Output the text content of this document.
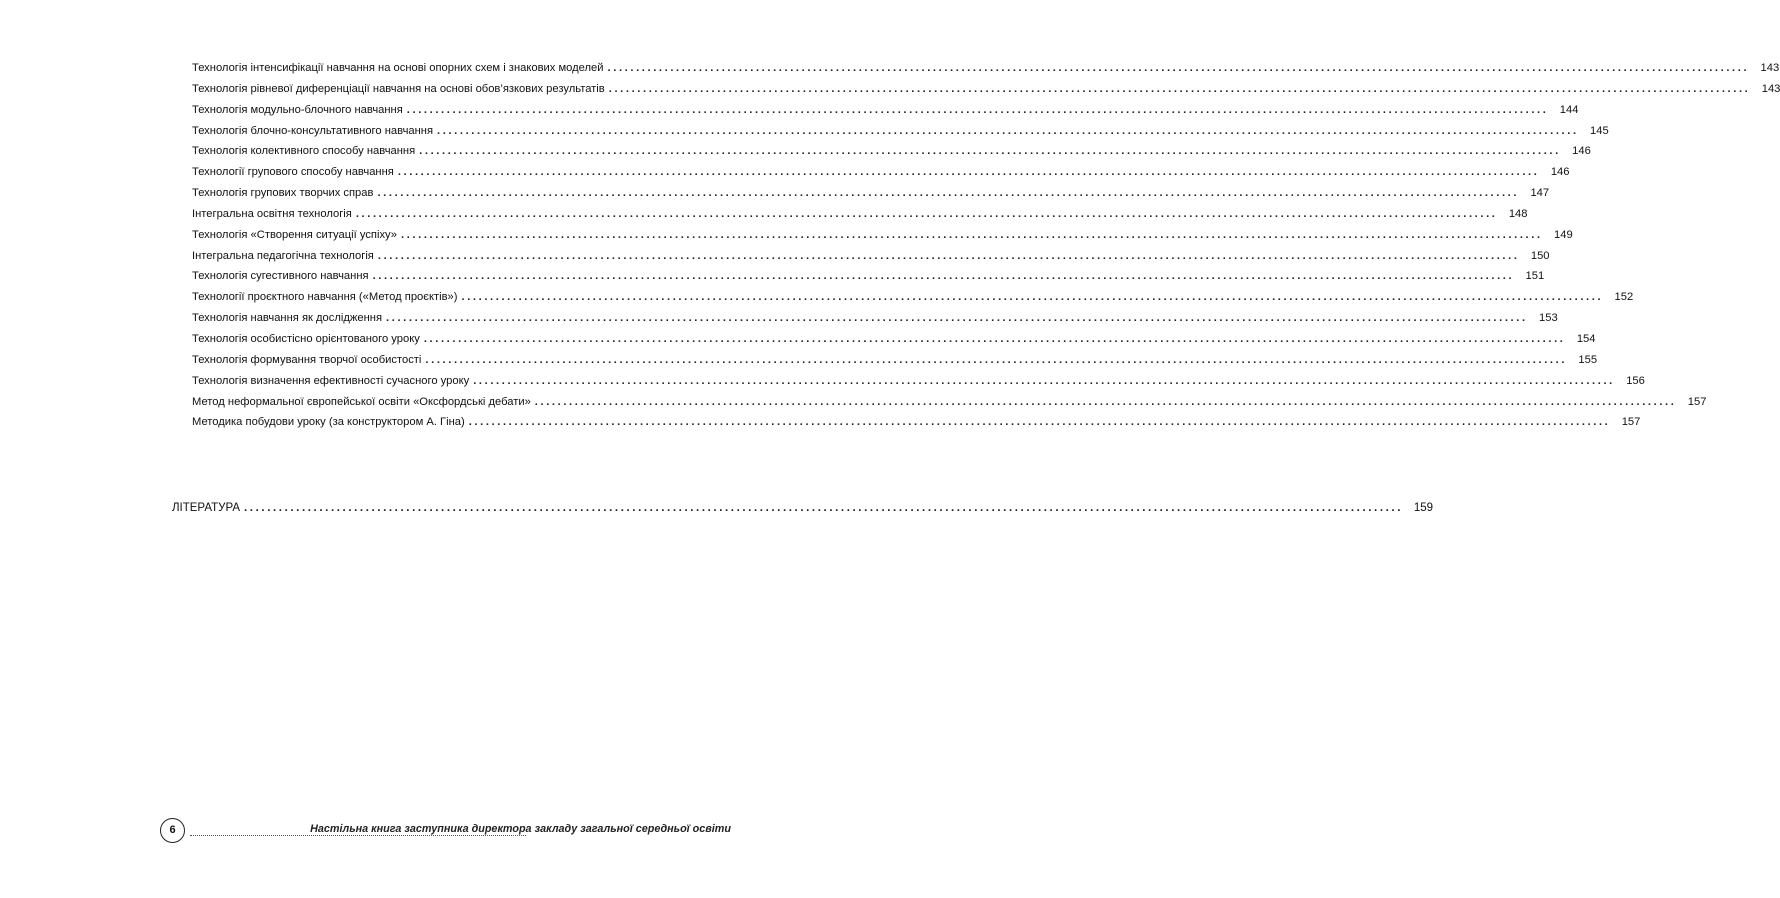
Технологія інтенсифікації навчання на основі опорних схем і знакових моделей ........................................................................................................................................................................................................	143
Технологія рівневої диференціації навчання на основі обов’язкових результатів ........................................................................................................................................................................................................	143
Технологія модульно-блочного навчання ........................................................................................................................................................................................................	144
Технологія блочно-консультативного навчання ........................................................................................................................................................................................................	145
Технологія колективного способу навчання ........................................................................................................................................................................................................	146
Технології групового способу навчання ........................................................................................................................................................................................................	146
Технологія групових творчих справ ........................................................................................................................................................................................................	147
Інтегральна освітня технологія ........................................................................................................................................................................................................	148
Технологія «Створення ситуації успіху» ........................................................................................................................................................................................................	149
Інтегральна педагогічна технологія ........................................................................................................................................................................................................	150
Технологія сугестивного навчання ........................................................................................................................................................................................................	151
Технології проєктного навчання («Метод проєктів») ........................................................................................................................................................................................................	152
Технологія навчання як дослідження ........................................................................................................................................................................................................	153
Технологія особистісно орієнтованого уроку ........................................................................................................................................................................................................	154
Технологія формування творчої особистості ........................................................................................................................................................................................................	155
Технологія визначення ефективності сучасного уроку ........................................................................................................................................................................................................	156
Метод неформальної європейської освіти «Оксфордські дебати» ........................................................................................................................................................................................................	157
Методика побудови уроку (за конструктором А. Гіна) ........................................................................................................................................................................................................	157
ЛІТЕРАТУРА ........................................................................................................................................................................................................ 159
6	Настільна книга заступника директора закладу загальної середньої освіти
